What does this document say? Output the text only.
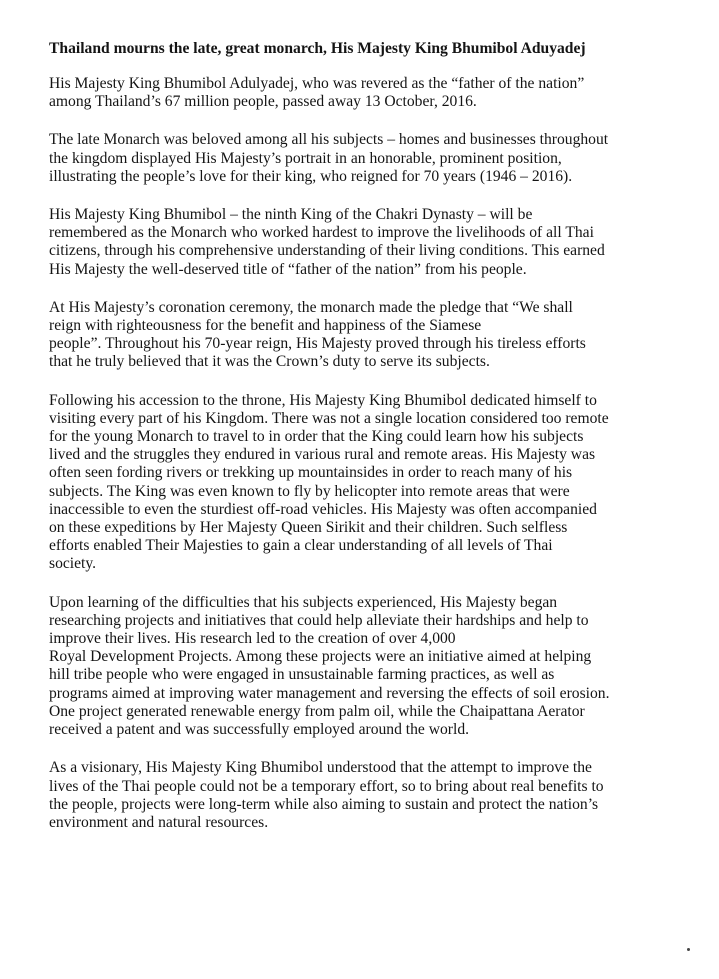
Thailand mourns the late, great monarch, His Majesty King Bhumibol Aduyadej
His Majesty King Bhumibol Adulyadej, who was revered as the “father of the nation”
among Thailand’s 67 million people, passed away 13 October, 2016.
The late Monarch was beloved among all his subjects – homes and businesses throughout
the kingdom displayed His Majesty’s portrait in an honorable, prominent position,
illustrating the people’s love for their king, who reigned for 70 years (1946 – 2016).
His Majesty King Bhumibol – the ninth King of the Chakri Dynasty – will be
remembered as the Monarch who worked hardest to improve the livelihoods of all Thai
citizens, through his comprehensive understanding of their living conditions. This earned
His Majesty the well-deserved title of “father of the nation” from his people.
At His Majesty’s coronation ceremony, the monarch made the pledge that “We shall
reign with righteousness for the benefit and happiness of the Siamese
people”. Throughout his 70-year reign, His Majesty proved through his tireless efforts
that he truly believed that it was the Crown’s duty to serve its subjects.
Following his accession to the throne, His Majesty King Bhumibol dedicated himself to
visiting every part of his Kingdom. There was not a single location considered too remote
for the young Monarch to travel to in order that the King could learn how his subjects
lived and the struggles they endured in various rural and remote areas. His Majesty was
often seen fording rivers or trekking up mountainsides in order to reach many of his
subjects. The King was even known to fly by helicopter into remote areas that were
inaccessible to even the sturdiest off-road vehicles. His Majesty was often accompanied
on these expeditions by Her Majesty Queen Sirikit and their children. Such selfless
efforts enabled Their Majesties to gain a clear understanding of all levels of Thai
society.
Upon learning of the difficulties that his subjects experienced, His Majesty began
researching projects and initiatives that could help alleviate their hardships and help to
improve their lives. His research led to the creation of over 4,000
Royal Development Projects. Among these projects were an initiative aimed at helping
hill tribe people who were engaged in unsustainable farming practices, as well as
programs aimed at improving water management and reversing the effects of soil erosion.
One project generated renewable energy from palm oil, while the Chaipattana Aerator
received a patent and was successfully employed around the world.
As a visionary, His Majesty King Bhumibol understood that the attempt to improve the
lives of the Thai people could not be a temporary effort, so to bring about real benefits to
the people, projects were long-term while also aiming to sustain and protect the nation’s
environment and natural resources.
